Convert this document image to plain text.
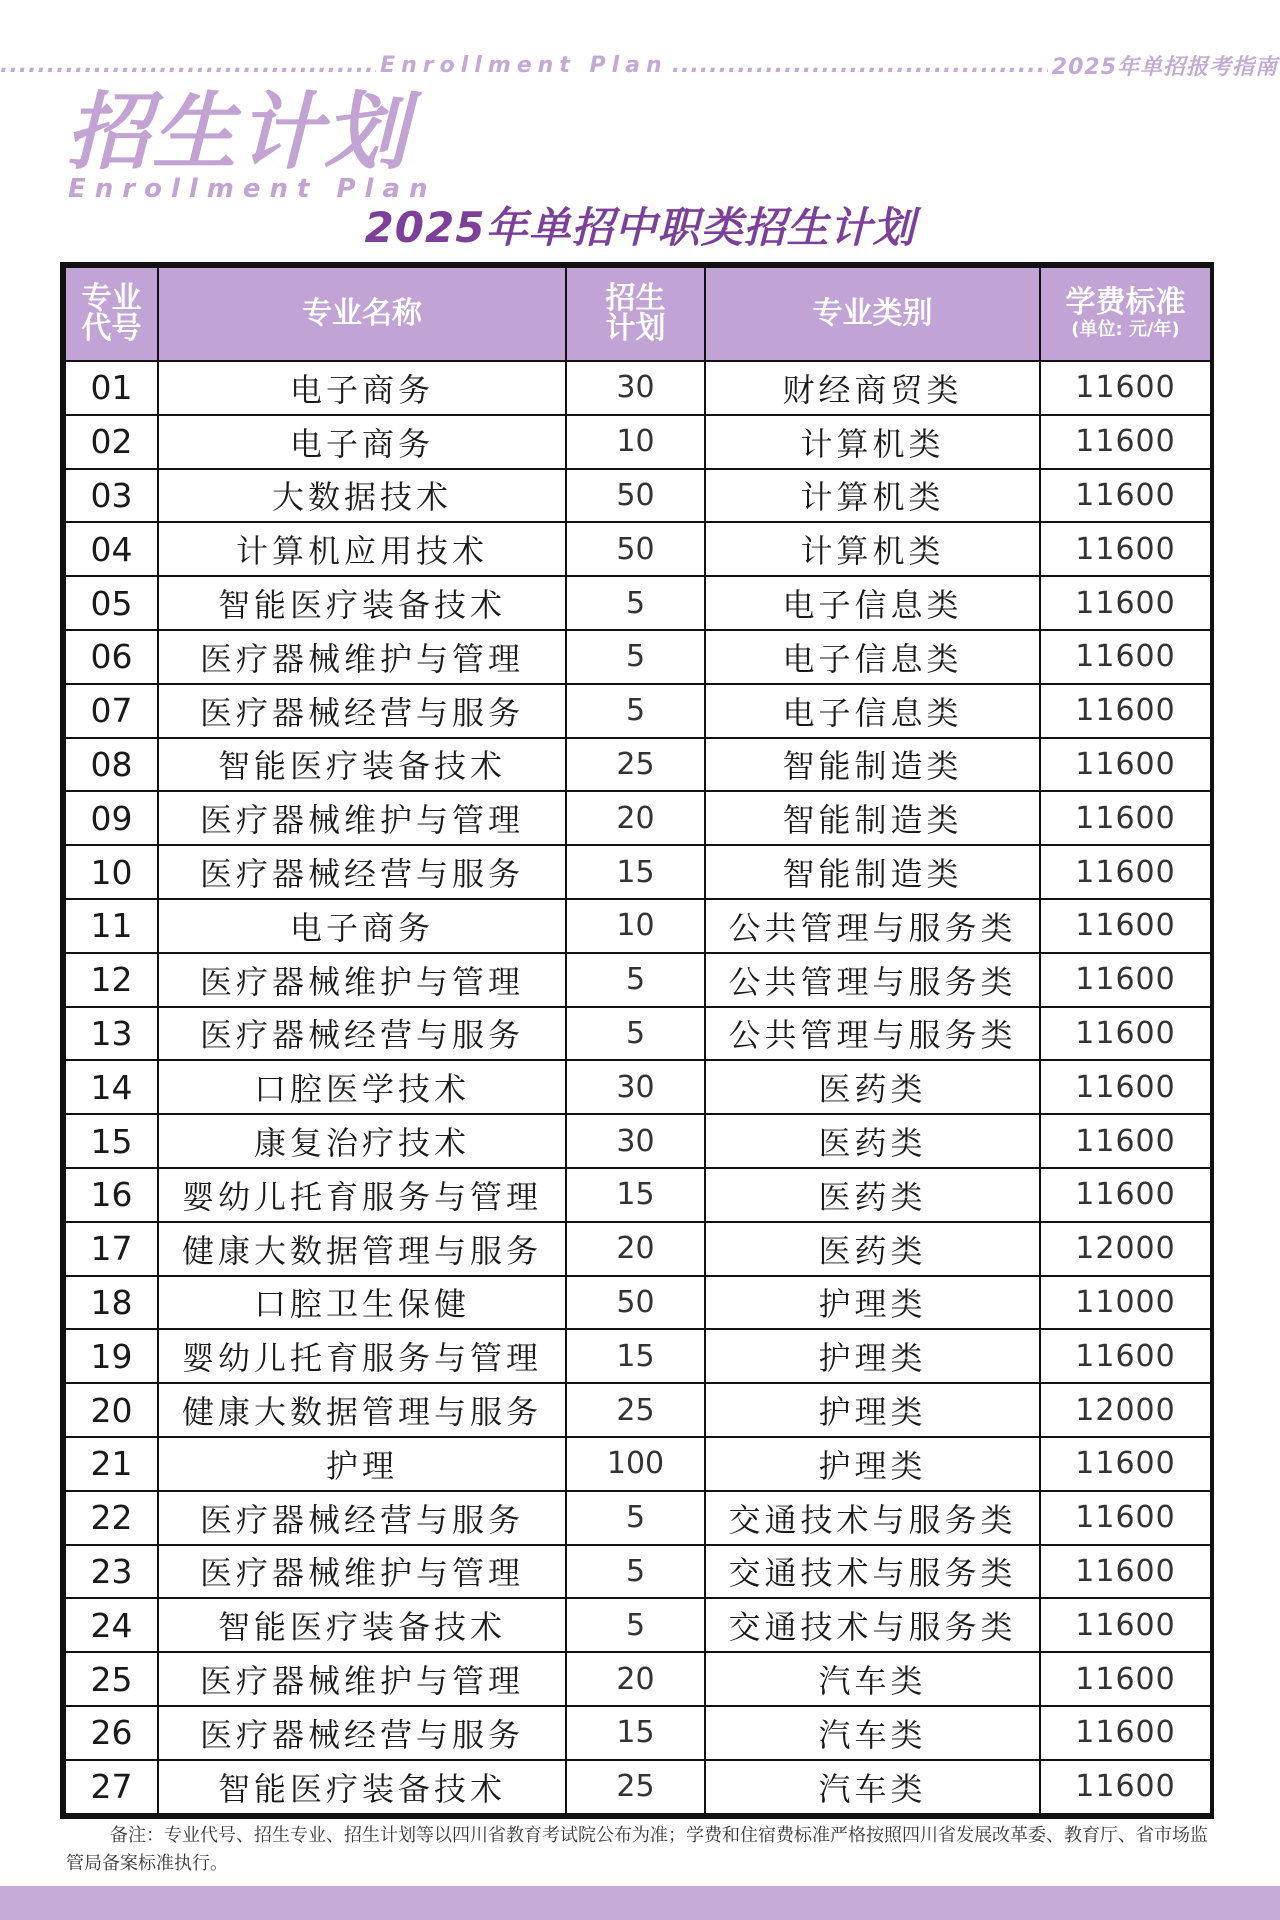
.....
Enrollment Plan .....	2025年单招报考指南
招生计划
Enrollment Plan
2025年单招中职类招生计划
专业代号	专业名称	招生计划	专业类别	学费标准
(单位: 元/年)

01	电子商务	30	财经商贸类	11600
02	电子商务	10	计算机类	11600
03	大数据技术	50	计算机类	11600
04	计算机应用技术	50	计算机类	11600
05	智能医疗装备技术	5	电子信息类	11600
06	医疗器械维护与管理	5	电子信息类	11600
07	医疗器械经营与服务	5	电子信息类	11600
08	智能医疗装备技术	25	智能制造类	11600
09	医疗器械维护与管理	20	智能制造类	11600
10	医疗器械经营与服务	15	智能制造类	11600
11	电子商务	10	公共管理与服务类	11600
12	医疗器械维护与管理	5	公共管理与服务类	11600
13	医疗器械经营与服务	5	公共管理与服务类	11600
14	口腔医学技术	30	医药类	11600
15	康复治疗技术	30	医药类	11600
16	婴幼儿托育服务与管理	15	医药类	11600
17	健康大数据管理与服务	20	医药类	12000
18	口腔卫生保健	50	护理类	11000
19	婴幼儿托育服务与管理	15	护理类	11600
20	健康大数据管理与服务	25	护理类	12000
21	护理	100	护理类	11600
22	医疗器械经营与服务	5	交通技术与服务类	11600
23	医疗器械维护与管理	5	交通技术与服务类	11600
24	智能医疗装备技术	5	交通技术与服务类	11600
25	医疗器械维护与管理	20	汽车类	11600
26	医疗器械经营与服务	15	汽车类	11600
27	智能医疗装备技术	25	汽车类	11600
备注：专业代号、招生专业、招生计划等以四川省教育考试院公布为准；学费和住宿费标准严格按照四川省发展改革委、教育厅、省市场监管局备案标准执行。
